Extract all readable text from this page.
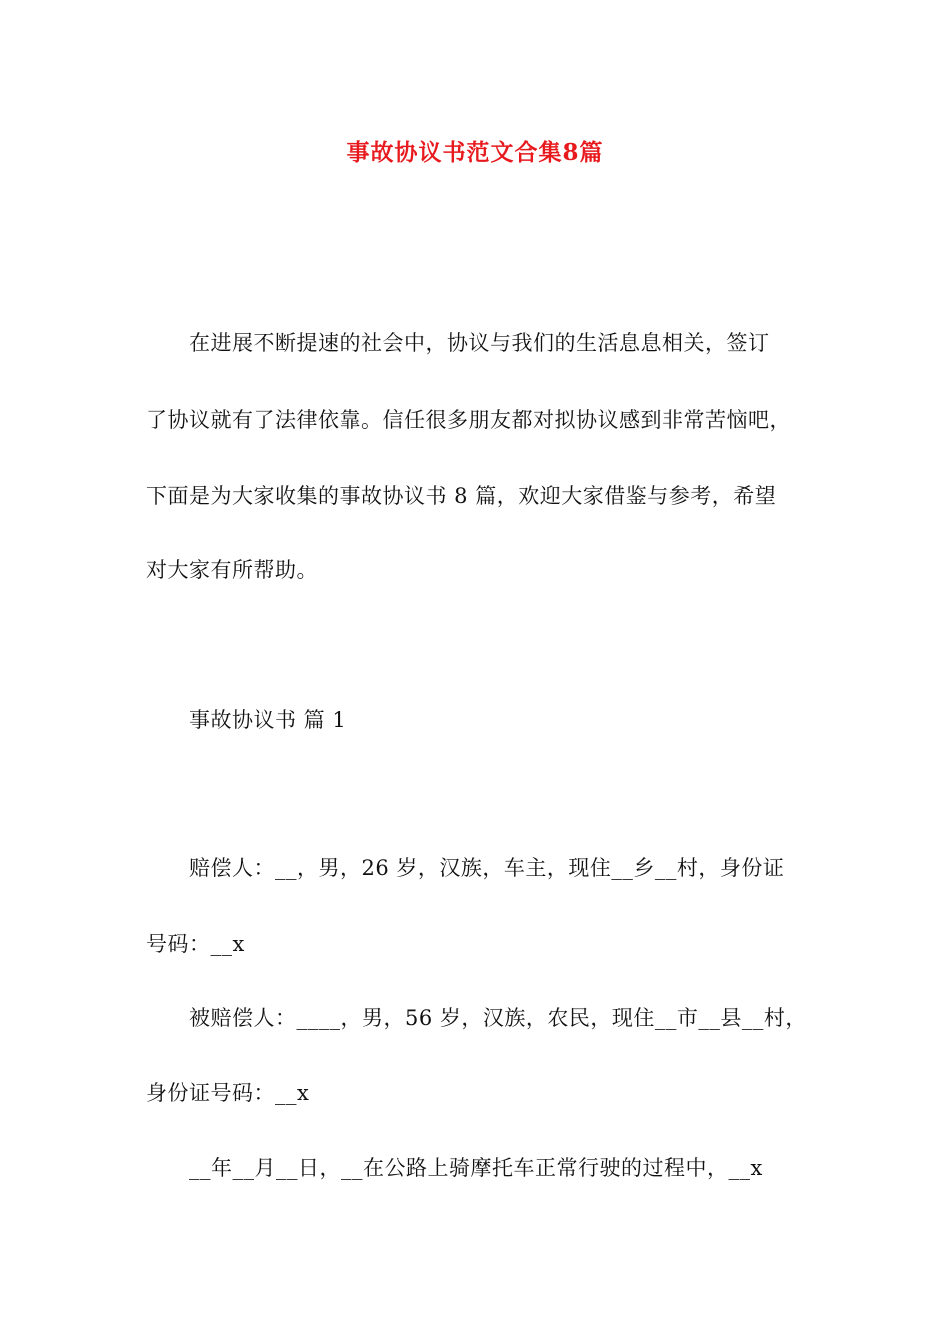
事故协议书范文合集8篇
在进展不断提速的社会中，协议与我们的生活息息相关，签订
了协议就有了法律依靠。信任很多朋友都对拟协议感到非常苦恼吧，
下面是为大家收集的事故协议书 8 篇，欢迎大家借鉴与参考，希望
对大家有所帮助。
事故协议书 篇 1
赔偿人：__，男，26 岁，汉族，车主，现住__乡__村，身份证
号码：__x
被赔偿人：____，男，56 岁，汉族，农民，现住__市__县__村，
身份证号码：__x
__年__月__日，__在公路上骑摩托车正常行驶的过程中，__x
